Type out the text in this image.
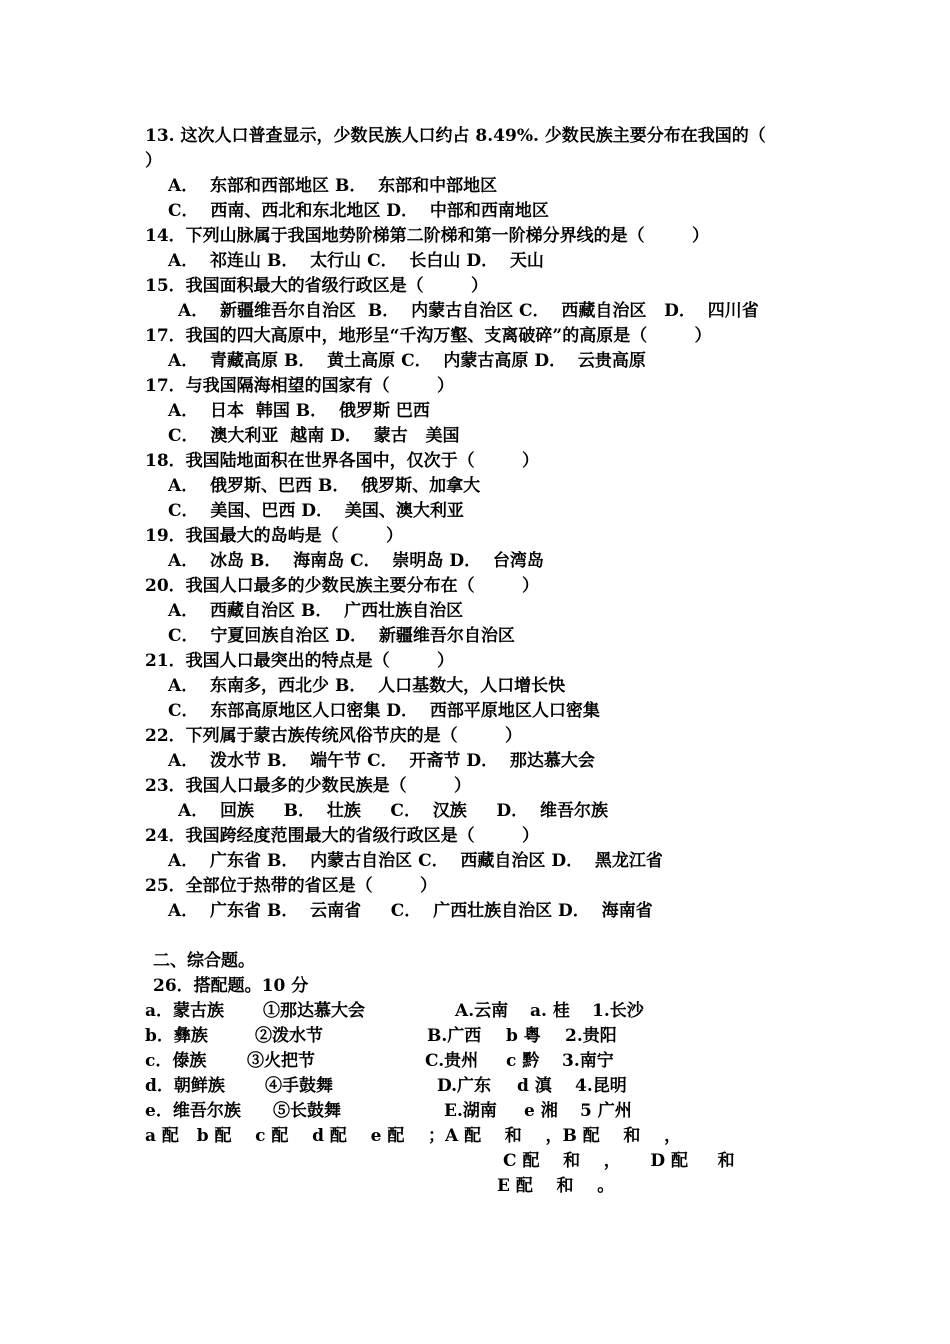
13. 这次人口普查显示，少数民族人口约占 8.49%. 少数民族主要分布在我国的（
）
A．  东部和西部地区 B．  东部和中部地区
C．  西南、西北和东北地区 D．  中部和西南地区
14．下列山脉属于我国地势阶梯第二阶梯和第一阶梯分界线的是（        ）
A．  祁连山 B．  太行山 C．  长白山 D．  天山
15．我国面积最大的省级行政区是（        ）
A．  新疆维吾尔自治区  B．  内蒙古自治区 C．  西藏自治区   D．  四川省
17．我国的四大高原中，地形呈“千沟万壑、支离破碎”的高原是（        ）
A．  青藏高原 B．  黄土高原 C．  内蒙古高原 D．  云贵高原
17．与我国隔海相望的国家有（        ）
A．  日本  韩国 B．  俄罗斯 巴西
C．  澳大利亚  越南 D．  蒙古   美国
18．我国陆地面积在世界各国中，仅次于（        ）
A．  俄罗斯、巴西 B．  俄罗斯、加拿大
C．  美国、巴西 D．  美国、澳大利亚
19．我国最大的岛屿是（        ）
A．  冰岛 B．  海南岛 C．  崇明岛 D．  台湾岛
20．我国人口最多的少数民族主要分布在（        ）
A．  西藏自治区 B．  广西壮族自治区
C．  宁夏回族自治区 D．  新疆维吾尔自治区
21．我国人口最突出的特点是（        ）
A．  东南多，西北少 B．  人口基数大，人口增长快
C．  东部高原地区人口密集 D．  西部平原地区人口密集
22．下列属于蒙古族传统风俗节庆的是（        ）
A．  泼水节 B．  端午节 C．  开斋节 D．  那达慕大会
23．我国人口最多的少数民族是（        ）
A．  回族     B．  壮族     C．  汉族     D．  维吾尔族
24．我国跨经度范围最大的省级行政区是（        ）
A．  广东省 B．  内蒙古自治区 C．  西藏自治区 D．  黑龙江省
25．全部位于热带的省区是（        ）
A．  广东省 B．  云南省     C．  广西壮族自治区 D．  海南省
二、综合题。
26．搭配题。10 分
a．蒙古族 ①那达慕大会	A.云南 a. 桂 1.长沙
b．彝族	②泼水节	B.广西 b 粤 2.贵阳
c．傣族 ③火把节	C.贵州 c 黔 3.南宁
d．朝鲜族 ④手鼓舞	D.广东 d 滇 4.昆明
e．维吾尔族 ⑤长鼓舞	E.湖南 e 湘 5 广州
a 配   b 配    c 配    d 配    e 配    ；A 配    和    ，B 配    和    ，
C 配    和    ，     D 配     和
E 配    和    。
